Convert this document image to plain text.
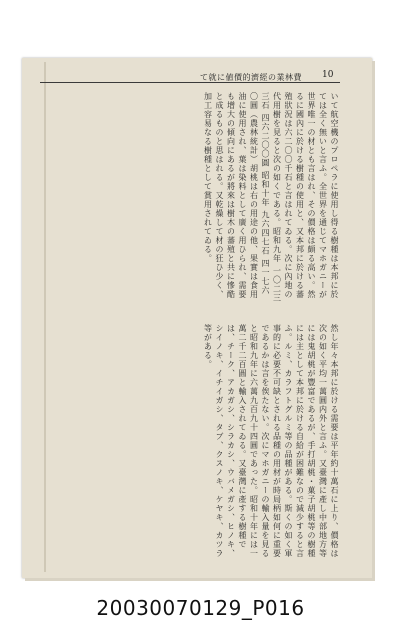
て就に値價的濟經の業林費 10
いて航空機のプロペラに使用し得る樹種は本邦に於ては全く無いと言ふ。全世界を通じてマホガニーが世界唯一の材とも言はれ、その價格は頗る高い。然るに國內に於ける樹種の使用と、又本邦に於ける蕃殖狀況は六二〇〇千石と言はれてゐる。次に內地の代用樹を見ると次の如くである。昭和九年 一〇二三三石 四六二〇〇圓 昭和十年 九六四七石 四一七六〇圓（農林統計）胡桃は右の用途の他、果實は食用油に使用され、葉は染料として廣く用ひられ、需要も增大の傾向にあるが將來は樹木の蕃殖と共に慘酷と成るものと思はれる。又乾燥して材の狂ひ少く、加工容易なる樹種として賞用されてゐる。
然し年々本邦に於ける需要は平年約十萬石に上り、價格は次の如く平均一萬圓内外と言ふ。又臺灣に產し中部地方等には鬼胡桃が豐富であるが、手打胡桃・菓子胡桃等の樹種には主として本邦に於ける自給が困難なので減少すると言ふ。ルミ、カラフトグルミ等の品種がある。斯くの如く軍事的に必要不可缺とされる品種の用材が時局柄如何に重要であるかは言を俟たない。次にマホガニーの輸入量を見ると昭和九年に六萬九百九十四圓であった。昭和十年には一萬二千二百圓と輸入されてゐる。又臺灣に產する樹種では、チーク、アカガシ、シラカシ、ウバメガシ、ヒノキ、シイノキ、イチイガシ、タブ、クスノキ、ケヤキ、カツラ等がある。
20030070129_P016
